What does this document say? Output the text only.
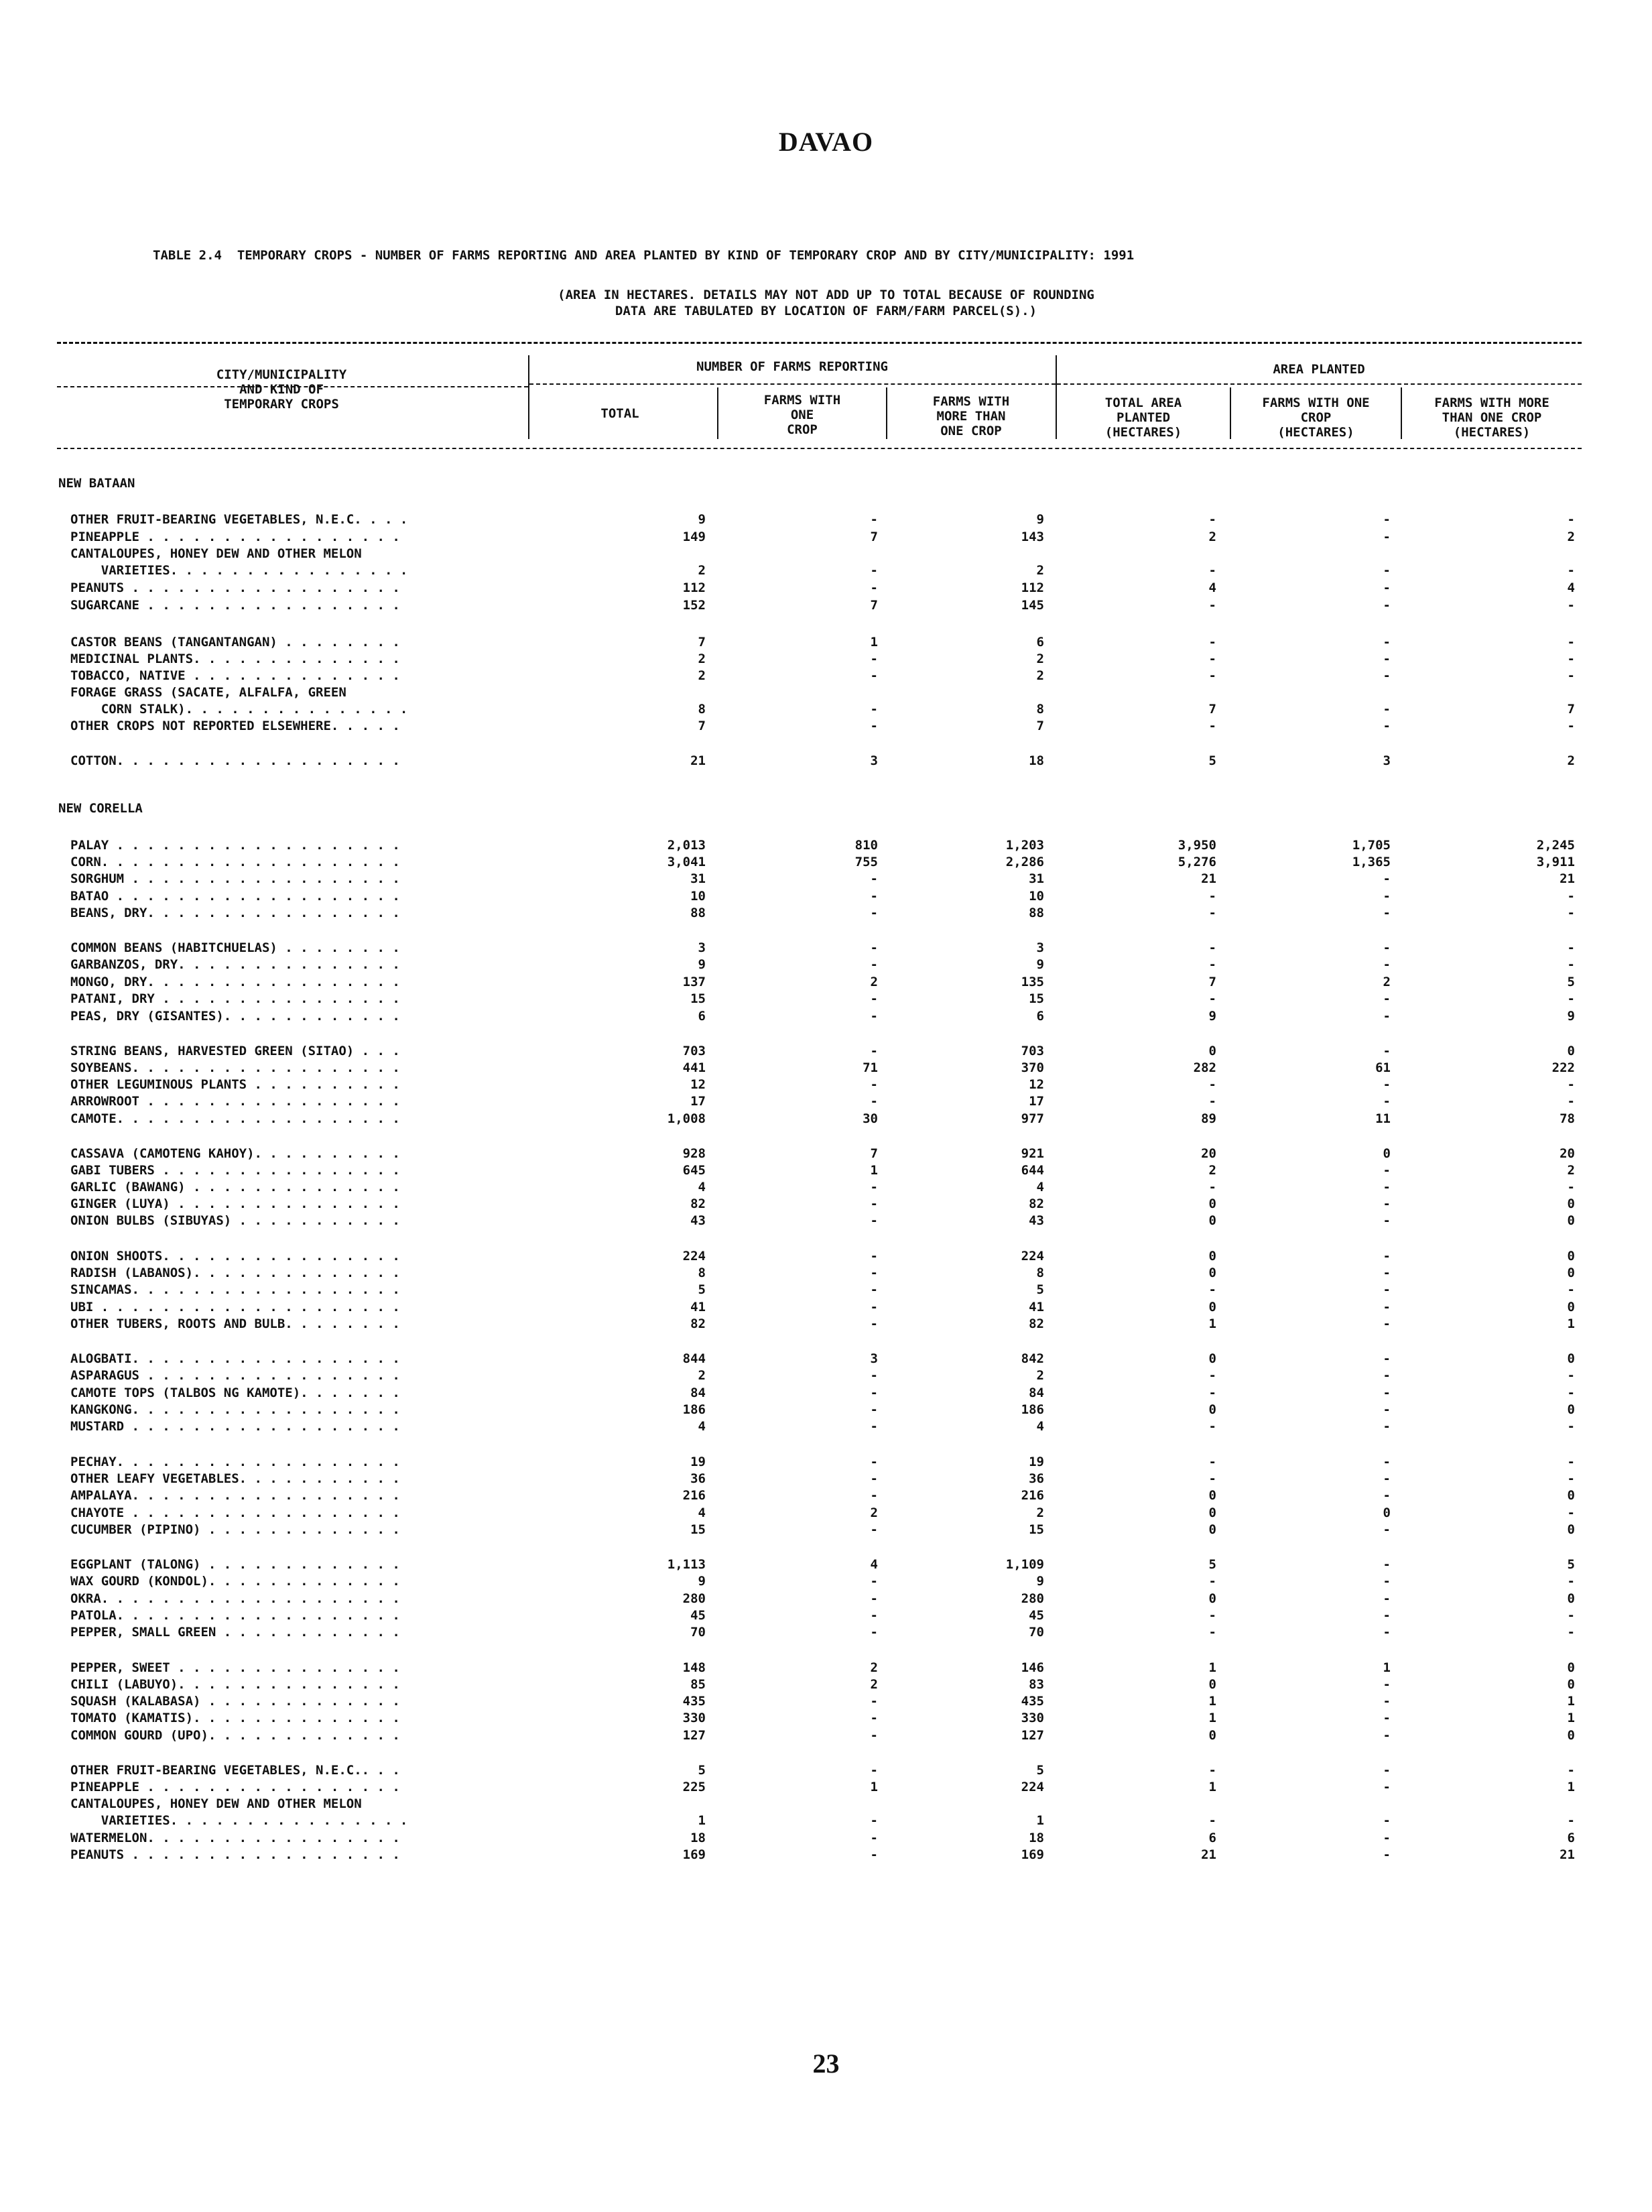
DAVAO
TABLE 2.4  TEMPORARY CROPS - NUMBER OF FARMS REPORTING AND AREA PLANTED BY KIND OF TEMPORARY CROP AND BY CITY/MUNICIPALITY: 1991
(AREA IN HECTARES. DETAILS MAY NOT ADD UP TO TOTAL BECAUSE OF ROUNDING
DATA ARE TABULATED BY LOCATION OF FARM/FARM PARCEL(S).)
CITY/MUNICIPALITY
AND KIND OF
TEMPORARY CROPS
NUMBER OF FARMS REPORTING	AREA PLANTED
TOTAL
FARMS WITH
ONE
CROP
FARMS WITH
MORE THAN
ONE CROP
TOTAL AREA
PLANTED
(HECTARES)
FARMS WITH ONE
CROP
(HECTARES)
FARMS WITH MORE
THAN ONE CROP
(HECTARES)
NEW BATAAN
OTHER FRUIT-BEARING VEGETABLES, N.E.C. . . .	9	-	9	-	-	-
PINEAPPLE . . . . . . . . . . . . . . . . .	149	7	143	2	-	2
CANTALOUPES, HONEY DEW AND OTHER MELON
VARIETIES. . . . . . . . . . . . . . . .	2	-	2	-	-	-
PEANUTS . . . . . . . . . . . . . . . . . .	112	-	112	4	-	4
SUGARCANE . . . . . . . . . . . . . . . . .	152	7	145	-	-	-
CASTOR BEANS (TANGANTANGAN) . . . . . . . .	7	1	6	-	-	-
MEDICINAL PLANTS. . . . . . . . . . . . . .	2	-	2	-	-	-
TOBACCO, NATIVE . . . . . . . . . . . . . .	2	-	2	-	-	-
FORAGE GRASS (SACATE, ALFALFA, GREEN
CORN STALK). . . . . . . . . . . . . . .	8	-	8	7	-	7
OTHER CROPS NOT REPORTED ELSEWHERE. . . . .	7	-	7	-	-	-
COTTON. . . . . . . . . . . . . . . . . . .	21	3	18	5	3	2
NEW CORELLA
PALAY . . . . . . . . . . . . . . . . . . .	2,013	810	1,203	3,950	1,705	2,245
CORN. . . . . . . . . . . . . . . . . . . .	3,041	755	2,286	5,276	1,365	3,911
SORGHUM . . . . . . . . . . . . . . . . . .	31	-	31	21	-	21
BATAO . . . . . . . . . . . . . . . . . . .	10	-	10	-	-	-
BEANS, DRY. . . . . . . . . . . . . . . . .	88	-	88	-	-	-
COMMON BEANS (HABITCHUELAS) . . . . . . . .	3	-	3	-	-	-
GARBANZOS, DRY. . . . . . . . . . . . . . .	9	-	9	-	-	-
MONGO, DRY. . . . . . . . . . . . . . . . .	137	2	135	7	2	5
PATANI, DRY . . . . . . . . . . . . . . . .	15	-	15	-	-	-
PEAS, DRY (GISANTES). . . . . . . . . . . .	6	-	6	9	-	9
STRING BEANS, HARVESTED GREEN (SITAO) . . .	703	-	703	0	-	0
SOYBEANS. . . . . . . . . . . . . . . . . .	441	71	370	282	61	222
OTHER LEGUMINOUS PLANTS . . . . . . . . . .	12	-	12	-	-	-
ARROWROOT . . . . . . . . . . . . . . . . .	17	-	17	-	-	-
CAMOTE. . . . . . . . . . . . . . . . . . .	1,008	30	977	89	11	78
CASSAVA (CAMOTENG KAHOY). . . . . . . . . .	928	7	921	20	0	20
GABI TUBERS . . . . . . . . . . . . . . . .	645	1	644	2	-	2
GARLIC (BAWANG) . . . . . . . . . . . . . .	4	-	4	-	-	-
GINGER (LUYA) . . . . . . . . . . . . . . .	82	-	82	0	-	0
ONION BULBS (SIBUYAS) . . . . . . . . . . .	43	-	43	0	-	0
ONION SHOOTS. . . . . . . . . . . . . . . .	224	-	224	0	-	0
RADISH (LABANOS). . . . . . . . . . . . . .	8	-	8	0	-	0
SINCAMAS. . . . . . . . . . . . . . . . . .	5	-	5	-	-	-
UBI . . . . . . . . . . . . . . . . . . . .	41	-	41	0	-	0
OTHER TUBERS, ROOTS AND BULB. . . . . . . .	82	-	82	1	-	1
ALOGBATI. . . . . . . . . . . . . . . . . .	844	3	842	0	-	0
ASPARAGUS . . . . . . . . . . . . . . . . .	2	-	2	-	-	-
CAMOTE TOPS (TALBOS NG KAMOTE). . . . . . .	84	-	84	-	-	-
KANGKONG. . . . . . . . . . . . . . . . . .	186	-	186	0	-	0
MUSTARD . . . . . . . . . . . . . . . . . .	4	-	4	-	-	-
PECHAY. . . . . . . . . . . . . . . . . . .	19	-	19	-	-	-
OTHER LEAFY VEGETABLES. . . . . . . . . . .	36	-	36	-	-	-
AMPALAYA. . . . . . . . . . . . . . . . . .	216	-	216	0	-	0
CHAYOTE . . . . . . . . . . . . . . . . . .	4	2	2	0	0	-
CUCUMBER (PIPINO) . . . . . . . . . . . . .	15	-	15	0	-	0
EGGPLANT (TALONG) . . . . . . . . . . . . .	1,113	4	1,109	5	-	5
WAX GOURD (KONDOL). . . . . . . . . . . . .	9	-	9	-	-	-
OKRA. . . . . . . . . . . . . . . . . . . .	280	-	280	0	-	0
PATOLA. . . . . . . . . . . . . . . . . . .	45	-	45	-	-	-
PEPPER, SMALL GREEN . . . . . . . . . . . .	70	-	70	-	-	-
PEPPER, SWEET . . . . . . . . . . . . . . .	148	2	146	1	1	0
CHILI (LABUYO). . . . . . . . . . . . . . .	85	2	83	0	-	0
SQUASH (KALABASA) . . . . . . . . . . . . .	435	-	435	1	-	1
TOMATO (KAMATIS). . . . . . . . . . . . . .	330	-	330	1	-	1
COMMON GOURD (UPO). . . . . . . . . . . . .	127	-	127	0	-	0
OTHER FRUIT-BEARING VEGETABLES, N.E.C.. . .	5	-	5	-	-	-
PINEAPPLE . . . . . . . . . . . . . . . . .	225	1	224	1	-	1
CANTALOUPES, HONEY DEW AND OTHER MELON
VARIETIES. . . . . . . . . . . . . . . .	1	-	1	-	-	-
WATERMELON. . . . . . . . . . . . . . . . .	18	-	18	6	-	6
PEANUTS . . . . . . . . . . . . . . . . . .	169	-	169	21	-	21
23
